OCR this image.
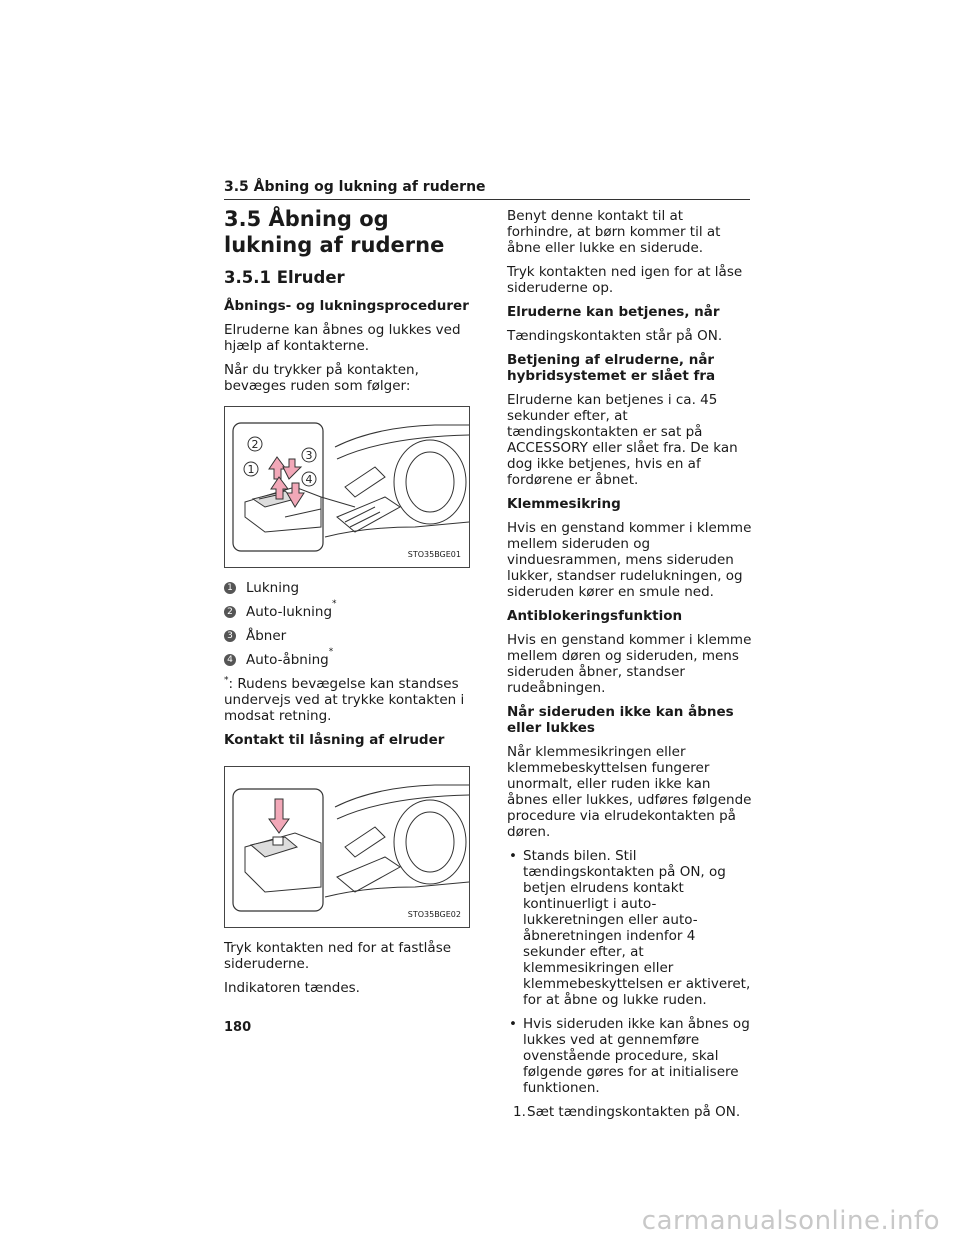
3.5 Åbning og lukning af ruderne
3.5 Åbning og lukning af ruderne
3.5.1 Elruder
Åbnings- og lukningsprocedurer

Elruderne kan åbnes og lukkes ved hjælp af kontakterne.

Når du trykker på kontakten, bevæges ruden som følger:

2
3
1
4
STO35BGE01
1 Lukning
2 Auto-lukning *
3 Åbner
4 Auto-åbning *

*: Rudens bevægelse kan standses undervejs ved at trykke kontakten i modsat retning.

Kontakt til låsning af elruder
STO35BGE02

Tryk kontakten ned for at fastlåse sideruderne.

Indikatoren tændes.

Benyt denne kontakt til at forhindre, at børn kommer til at åbne eller lukke en siderude.

Tryk kontakten ned igen for at låse sideruderne op.

Elruderne kan betjenes, når

Tændingskontakten står på ON.

Betjening af elruderne, når hybridsystemet er slået fra

Elruderne kan betjenes i ca. 45 sekunder efter, at tændingskontakten er sat på ACCESSORY eller slået fra. De kan dog ikke betjenes, hvis en af fordørene er åbnet.

Klemmesikring

Hvis en genstand kommer i klemme mellem sideruden og vinduesrammen, mens sideruden lukker, standser rudelukningen, og sideruden kører en smule ned.

Antiblokeringsfunktion

Hvis en genstand kommer i klemme mellem døren og sideruden, mens sideruden åbner, standser rudeåbningen.

Når sideruden ikke kan åbnes eller lukkes

Når klemmesikringen eller klemmebeskyttelsen fungerer unormalt, eller ruden ikke kan åbnes eller lukkes, udføres følgende procedure via elrudekontakten på døren.

• Stands bilen. Stil tændingskontakten på ON, og betjen elrudens kontakt kontinuerligt i auto-lukkeretningen eller auto-åbneretningen indenfor 4 sekunder efter, at klemmesikringen eller klemmebeskyttelsen er aktiveret, for at åbne og lukke ruden.
• Hvis sideruden ikke kan åbnes og lukkes ved at gennemføre ovenstående procedure, skal følgende gøres for at initialisere funktionen.
1. Sæt tændingskontakten på ON.
180
carmanualsonline.info
